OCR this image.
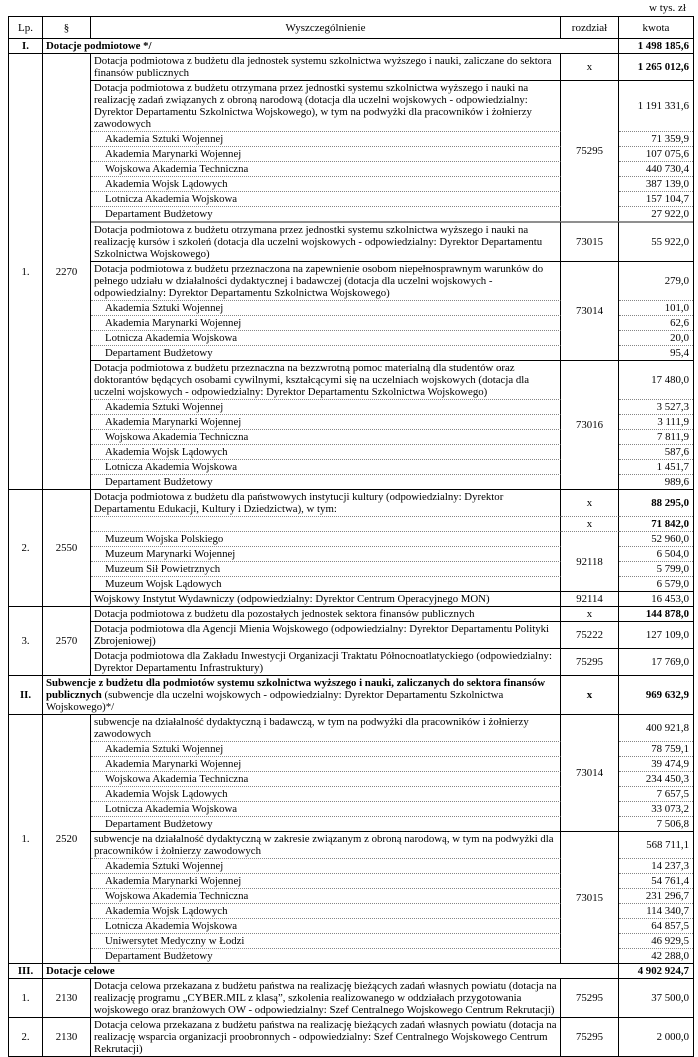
w tys. zł
Lp.	§	Wyszczególnienie	rozdział	kwota
I.	Dotacje podmiotowe */			1 498 185,6
1.	2270	Dotacja podmiotowa z budżetu dla jednostek systemu szkolnictwa wyższego i nauki, zaliczane do sektora finansów publicznych	x	1 265 012,6
		Dotacja podmiotowa z budżetu otrzymana przez jednostki systemu szkolnictwa wyższego i nauki na realizację zadań związanych z obroną narodową (dotacja dla uczelni wojskowych - odpowiedzialny: Dyrektor Departamentu Szkolnictwa Wojskowego), w tym na podwyżki dla pracowników i żołnierzy zawodowych	75295	1 191 331,6
		Akademia Sztuki Wojennej		71 359,9
		Akademia Marynarki Wojennej		107 075,6
		Wojskowa Akademia Techniczna		440 730,4
		Akademia Wojsk Lądowych		387 139,0
		Lotnicza Akademia Wojskowa		157 104,7
		Departament Budżetowy		27 922,0
		Dotacja podmiotowa z budżetu otrzymana przez jednostki systemu szkolnictwa wyższego i nauki na realizację kursów i szkoleń (dotacja dla uczelni wojskowych - odpowiedzialny: Dyrektor Departamentu Szkolnictwa Wojskowego)	73015	55 922,0
		Dotacja podmiotowa z budżetu przeznaczona na zapewnienie osobom niepełnosprawnym warunków do pełnego udziału w działalności dydaktycznej i badawczej (dotacja dla uczelni wojskowych - odpowiedzialny: Dyrektor Departamentu Szkolnictwa Wojskowego)	73014	279,0
		Akademia Sztuki Wojennej		101,0
		Akademia Marynarki Wojennej		62,6
		Lotnicza Akademia Wojskowa		20,0
		Departament Budżetowy		95,4
		Dotacja podmiotowa z budżetu przeznaczna na bezzwrotną pomoc materialną dla studentów oraz doktorantów będących osobami cywilnymi, kształcącymi się na uczelniach wojskowych (dotacja dla uczelni wojskowych - odpowiedzialny: Dyrektor Departamentu Szkolnictwa Wojskowego)	73016	17 480,0
		Akademia Sztuki Wojennej		3 527,3
		Akademia Marynarki Wojennej		3 111,9
		Wojskowa Akademia Techniczna		7 811,9
		Akademia Wojsk Lądowych		587,6
		Lotnicza Akademia Wojskowa		1 451,7
		Departament Budżetowy		989,6
2.	2550	Dotacja podmiotowa z budżetu dla państwowych instytucji kultury (odpowiedzialny: Dyrektor Departamentu Edukacji, Kultury i Dziedzictwa), w tym:	x	88 295,0
			x	71 842,0
		Muzeum Wojska Polskiego	92118	52 960,0
		Muzeum Marynarki Wojennej		6 504,0
		Muzeum Sił Powietrznych		5 799,0
		Muzeum Wojsk Lądowych		6 579,0
		Wojskowy Instytut Wydawniczy (odpowiedzialny: Dyrektor Centrum Operacyjnego MON)	92114	16 453,0
3.	2570	Dotacja podmiotowa z budżetu dla pozostałych jednostek sektora finansów publicznych	x	144 878,0
		Dotacja podmiotowa dla Agencji Mienia Wojskowego (odpowiedzialny: Dyrektor Departamentu Polityki Zbrojeniowej)	75222	127 109,0
		Dotacja podmiotowa dla Zakładu Inwestycji Organizacji Traktatu Północnoatlatyckiego (odpowiedzialny: Dyrektor Departamentu Infrastruktury)	75295	17 769,0
II.	Subwencje z budżetu dla podmiotów systemu szkolnictwa wyższego i nauki, zaliczanych do sektora finansów publicznych (subwencje dla uczelni wojskowych - odpowiedzialny: Dyrektor Departamentu Szkolnictwa Wojskowego)*/		x	969 632,9
1.	2520	subwencje na działalność dydaktyczną i badawczą, w tym na podwyżki dla pracowników i żołnierzy zawodowych	73014	400 921,8
		Akademia Sztuki Wojennej		78 759,1
		Akademia Marynarki Wojennej		39 474,9
		Wojskowa Akademia Techniczna		234 450,3
		Akademia Wojsk Lądowych		7 657,5
		Lotnicza Akademia Wojskowa		33 073,2
		Departament Budżetowy		7 506,8
		subwencje na działalność dydaktyczną w zakresie związanym z obroną narodową, w tym na podwyżki dla pracowników i żołnierzy zawodowych	73015	568 711,1
		Akademia Sztuki Wojennej		14 237,3
		Akademia Marynarki Wojennej		54 761,4
		Wojskowa Akademia Techniczna		231 296,7
		Akademia Wojsk Lądowych		114 340,7
		Lotnicza Akademia Wojskowa		64 857,5
		Uniwersytet Medyczny w Łodzi		46 929,5
		Departament Budżetowy		42 288,0
III.	Dotacje celowe			4 902 924,7
1.	2130	Dotacja celowa przekazana z budżetu państwa na realizację bieżących zadań własnych powiatu (dotacja na realizację programu „CYBER.MIL z klasą”, szkolenia realizowanego w oddziałach przygotowania wojskowego oraz branżowych OW - odpowiedzialny: Szef Centralnego Wojskowego Centrum Rekrutacji)	75295	37 500,0
2.	2130	Dotacja celowa przekazana z budżetu państwa na realizację bieżących zadań własnych powiatu (dotacja na realizację wsparcia organizacji proobronnych - odpowiedzialny: Szef Centralnego Wojskowego Centrum Rekrutacji)	75295	2 000,0
